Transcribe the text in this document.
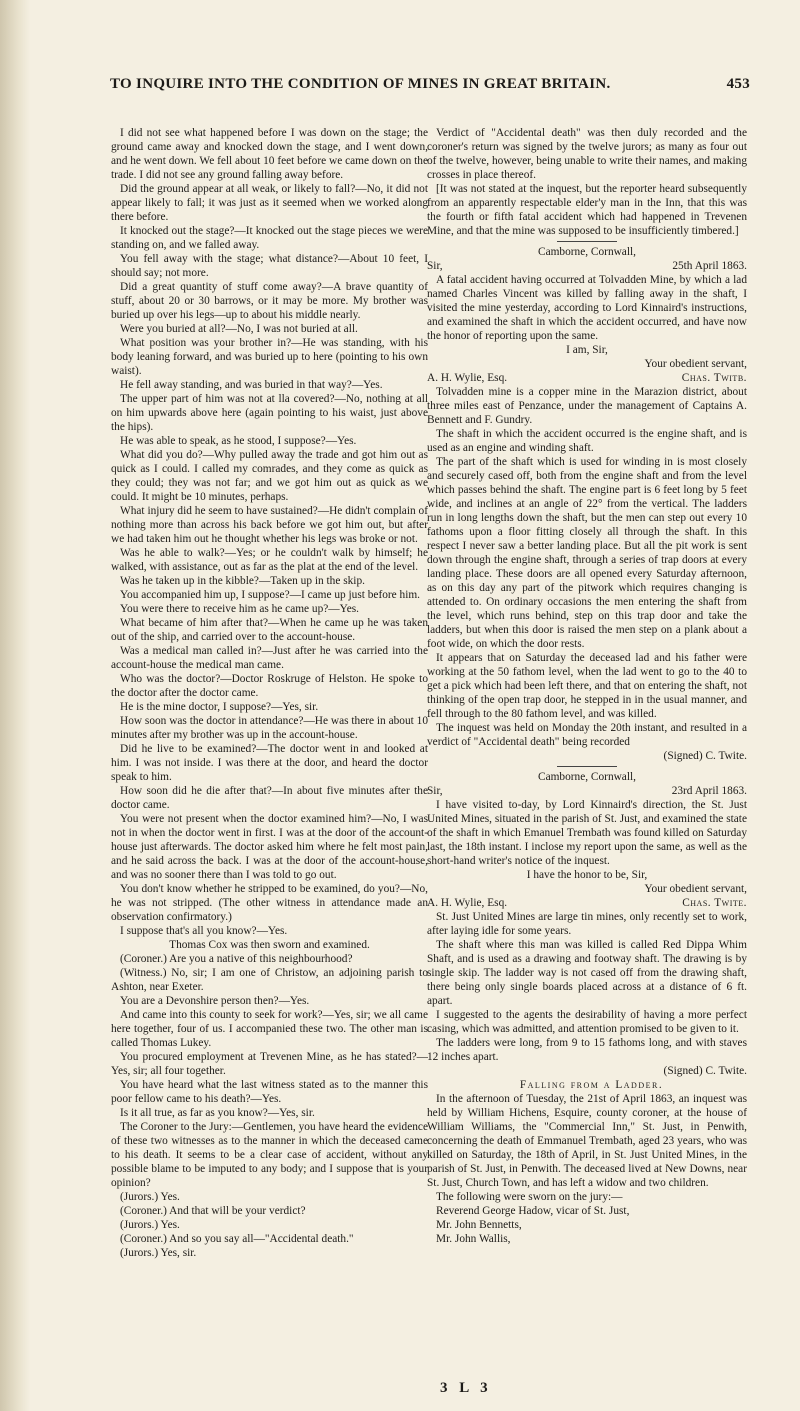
TO INQUIRE INTO THE CONDITION OF MINES IN GREAT BRITAIN.	453

I did not see what happened before I was down on the stage; the ground came away and knocked down the stage, and I went down, and he went down. We fell about 10 feet before we came down on the trade. I did not see any ground falling away before.

Did the ground appear at all weak, or likely to fall?—No, it did not appear likely to fall; it was just as it seemed when we worked along there before.

It knocked out the stage?—It knocked out the stage pieces we were standing on, and we falled away.

You fell away with the stage; what distance?—About 10 feet, I should say; not more.

Did a great quantity of stuff come away?—A brave quantity of stuff, about 20 or 30 barrows, or it may be more. My brother was buried up over his legs—up to about his middle nearly.

Were you buried at all?—No, I was not buried at all.

What position was your brother in?—He was standing, with his body leaning forward, and was buried up to here (pointing to his own waist).

He fell away standing, and was buried in that way?—Yes.

The upper part of him was not at lla covered?—No, nothing at all on him upwards above here (again pointing to his waist, just above the hips).

He was able to speak, as he stood, I suppose?—Yes.

What did you do?—Why pulled away the trade and got him out as quick as I could. I called my comrades, and they come as quick as they could; they was not far; and we got him out as quick as we could. It might be 10 minutes, perhaps.

What injury did he seem to have sustained?—He didn't complain of nothing more than across his back before we got him out, but after we had taken him out he thought whether his legs was broke or not.

Was he able to walk?—Yes; or he couldn't walk by himself; he walked, with assistance, out as far as the plat at the end of the level.

Was he taken up in the kibble?—Taken up in the skip.

You accompanied him up, I suppose?—I came up just before him.

You were there to receive him as he came up?—Yes.

What became of him after that?—When he came up he was taken out of the ship, and carried over to the account-house.

Was a medical man called in?—Just after he was carried into the account-house the medical man came.

Who was the doctor?—Doctor Roskruge of Helston. He spoke to the doctor after the doctor came.

He is the mine doctor, I suppose?—Yes, sir.

How soon was the doctor in attendance?—He was there in about 10 minutes after my brother was up in the account-house.

Did he live to be examined?—The doctor went in and looked at him. I was not inside. I was there at the door, and heard the doctor speak to him.

How soon did he die after that?—In about five minutes after the doctor came.

You were not present when the doctor examined him?—No, I was not in when the doctor went in first. I was at the door of the account-house just afterwards. The doctor asked him where he felt most pain, and he said across the back. I was at the door of the account-house, and was no sooner there than I was told to go out.

You don't know whether he stripped to be examined, do you?—No, he was not stripped. (The other witness in attendance made an observation confirmatory.)

I suppose that's all you know?—Yes.

Thomas Cox was then sworn and examined.

(Coroner.) Are you a native of this neighbourhood?

(Witness.) No, sir; I am one of Christow, an adjoining parish to Ashton, near Exeter.

You are a Devonshire person then?—Yes.

And came into this county to seek for work?—Yes, sir; we all came here together, four of us. I accompanied these two. The other man is called Thomas Lukey.

You procured employment at Trevenen Mine, as he has stated?—Yes, sir; all four together.

You have heard what the last witness stated as to the manner this poor fellow came to his death?—Yes.

Is it all true, as far as you know?—Yes, sir.

The Coroner to the Jury:—Gentlemen, you have heard the evidence of these two witnesses as to the manner in which the deceased came to his death. It seems to be a clear case of accident, without any possible blame to be imputed to any body; and I suppose that is your opinion?

(Jurors.) Yes.

(Coroner.) And that will be your verdict?

(Jurors.) Yes.

(Coroner.) And so you say all—"Accidental death."

(Jurors.) Yes, sir.

Verdict of "Accidental death" was then duly recorded and the coroner's return was signed by the twelve jurors; as many as four out of the twelve, however, being unable to write their names, and making crosses in place thereof.

[It was not stated at the inquest, but the reporter heard subsequently from an apparently respectable elder'y man in the Inn, that this was the fourth or fifth fatal accident which had happened in Trevenen Mine, and that the mine was supposed to be insufficiently timbered.]

Camborne, Cornwall,

Sir,	25th April 1863.

A fatal accident having occurred at Tolvadden Mine, by which a lad named Charles Vincent was killed by falling away in the shaft, I visited the mine yesterday, according to Lord Kinnaird's instructions, and examined the shaft in which the accident occurred, and have now the honor of reporting upon the same.

I am, Sir,

Your obedient servant,

A. H. Wylie, Esq.	Chas. Twitb.

Tolvadden mine is a copper mine in the Marazion district, about three miles east of Penzance, under the management of Captains A. Bennett and F. Gundry.

The shaft in which the accident occurred is the engine shaft, and is used as an engine and winding shaft.

The part of the shaft which is used for winding in is most closely and securely cased off, both from the engine shaft and from the level which passes behind the shaft. The engine part is 6 feet long by 5 feet wide, and inclines at an angle of 22° from the vertical. The ladders run in long lengths down the shaft, but the men can step out every 10 fathoms upon a floor fitting closely all through the shaft. In this respect I never saw a better landing place. But all the pit work is sent down through the engine shaft, through a series of trap doors at every landing place. These doors are all opened every Saturday afternoon, as on this day any part of the pitwork which requires changing is attended to. On ordinary occasions the men entering the shaft from the level, which runs behind, step on this trap door and take the ladders, but when this door is raised the men step on a plank about a foot wide, on which the door rests.

It appears that on Saturday the deceased lad and his father were working at the 50 fathom level, when the lad went to go to the 40 to get a pick which had been left there, and that on entering the shaft, not thinking of the open trap door, he stepped in in the usual manner, and fell through to the 80 fathom level, and was killed.

The inquest was held on Monday the 20th instant, and resulted in a verdict of "Accidental death" being recorded

(Signed) C. Twite.

Camborne, Cornwall,

Sir,	23rd April 1863.

I have visited to-day, by Lord Kinnaird's direction, the St. Just United Mines, situated in the parish of St. Just, and examined the state of the shaft in which Emanuel Trembath was found killed on Saturday last, the 18th instant. I inclose my report upon the same, as well as the short-hand writer's notice of the inquest.

I have the honor to be, Sir,

Your obedient servant,

A. H. Wylie, Esq.	Chas. Twite.

St. Just United Mines are large tin mines, only recently set to work, after laying idle for some years.

The shaft where this man was killed is called Red Dippa Whim Shaft, and is used as a drawing and footway shaft. The drawing is by single skip. The ladder way is not cased off from the drawing shaft, there being only single boards placed across at a distance of 6 ft. apart.

I suggested to the agents the desirability of having a more perfect casing, which was admitted, and attention promised to be given to it.

The ladders were long, from 9 to 15 fathoms long, and with staves 12 inches apart.

(Signed) C. Twite.

Falling from a Ladder.

In the afternoon of Tuesday, the 21st of April 1863, an inquest was held by William Hichens, Esquire, county coroner, at the house of William Williams, the "Commercial Inn," St. Just, in Penwith, concerning the death of Emmanuel Trembath, aged 23 years, who was killed on Saturday, the 18th of April, in St. Just United Mines, in the parish of St. Just, in Penwith. The deceased lived at New Downs, near St. Just, Church Town, and has left a widow and two children.

The following were sworn on the jury:—

Reverend George Hadow, vicar of St. Just,

Mr. John Bennetts,

Mr. John Wallis,

3 L 3
